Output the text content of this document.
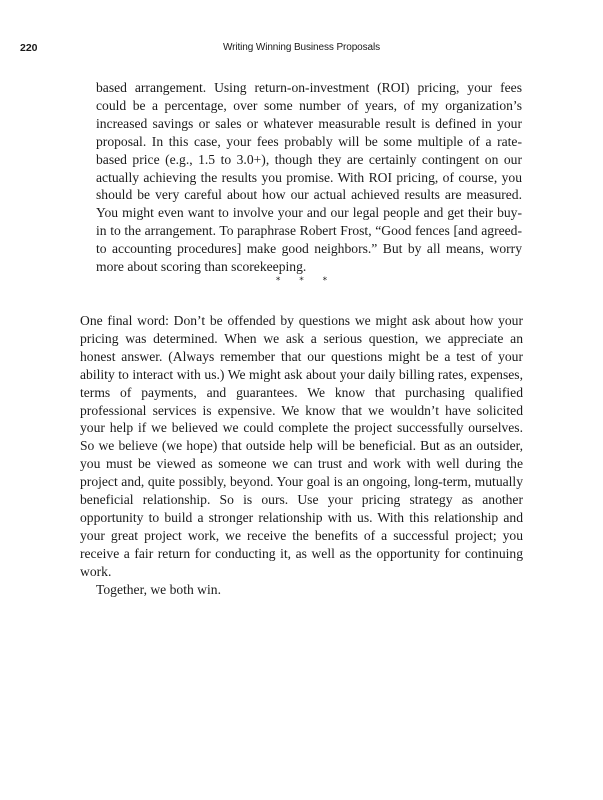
220	Writing Winning Business Proposals

based arrangement. Using return-on-investment (ROI) pricing, your fees could be a percentage, over some number of years, of my organization’s increased savings or sales or whatever measurable result is defined in your proposal. In this case, your fees probably will be some multiple of a rate-based price (e.g., 1.5 to 3.0+), though they are certainly contingent on our actually achieving the results you promise. With ROI pricing, of course, you should be very careful about how our actual achieved results are measured. You might even want to involve your and our legal people and get their buy-in to the arrangement. To paraphrase Robert Frost, “Good fences [and agreed-to accounting procedures] make good neighbors.” But by all means, worry more about scoring than scorekeeping.

* * *

One final word: Don’t be offended by questions we might ask about how your pricing was determined. When we ask a serious question, we appreciate an honest answer. (Always remember that our questions might be a test of your ability to interact with us.) We might ask about your daily billing rates, expenses, terms of payments, and guarantees. We know that purchasing qualified professional services is expensive. We know that we wouldn’t have solicited your help if we believed we could complete the project successfully ourselves. So we believe (we hope) that outside help will be beneficial. But as an outsider, you must be viewed as someone we can trust and work with well during the project and, quite possibly, beyond. Your goal is an ongoing, long-term, mutually beneficial relationship. So is ours. Use your pricing strategy as another opportunity to build a stronger relationship with us. With this relationship and your great project work, we receive the benefits of a successful project; you receive a fair return for conducting it, as well as the opportunity for continuing work.

Together, we both win.
